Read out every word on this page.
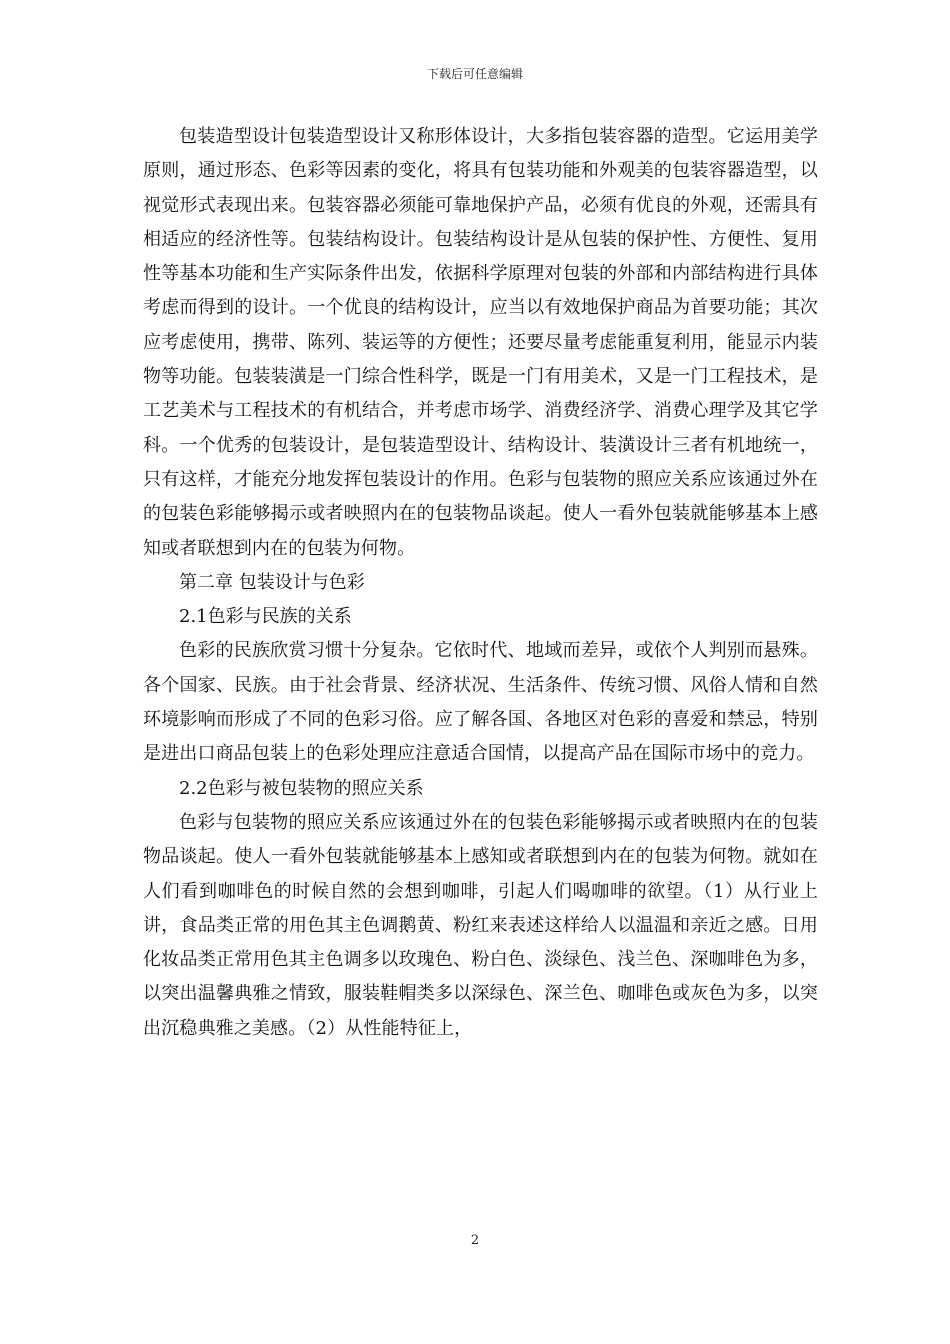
下载后可任意编辑

包装造型设计包装造型设计又称形体设计，大多指包装容器的造型。它运用美学原则，通过形态、色彩等因素的变化，将具有包装功能和外观美的包装容器造型，以视觉形式表现出来。包装容器必须能可靠地保护产品，必须有优良的外观，还需具有相适应的经济性等。包装结构设计。包装结构设计是从包装的保护性、方便性、复用性等基本功能和生产实际条件出发，依据科学原理对包装的外部和内部结构进行具体考虑而得到的设计。一个优良的结构设计，应当以有效地保护商品为首要功能；其次应考虑使用，携带、陈列、装运等的方便性；还要尽量考虑能重复利用，能显示内装物等功能。包装装潢是一门综合性科学，既是一门有用美术，又是一门工程技术，是工艺美术与工程技术的有机结合，并考虑市场学、消费经济学、消费心理学及其它学科。一个优秀的包装设计，是包装造型设计、结构设计、装潢设计三者有机地统一，只有这样，才能充分地发挥包装设计的作用。色彩与包装物的照应关系应该通过外在的包装色彩能够揭示或者映照内在的包装物品谈起。使人一看外包装就能够基本上感知或者联想到内在的包装为何物。

第二章 包装设计与色彩

2.1色彩与民族的关系

色彩的民族欣赏习惯十分复杂。它依时代、地域而差异，或依个人判别而悬殊。各个国家、民族。由于社会背景、经济状况、生活条件、传统习惯、风俗人情和自然环境影响而形成了不同的色彩习俗。应了解各国、各地区对色彩的喜爱和禁忌，特别是进出口商品包装上的色彩处理应注意适合国情，以提高产品在国际市场中的竞力。

2.2色彩与被包装物的照应关系

色彩与包装物的照应关系应该通过外在的包装色彩能够揭示或者映照内在的包装物品谈起。使人一看外包装就能够基本上感知或者联想到内在的包装为何物。就如在人们看到咖啡色的时候自然的会想到咖啡，引起人们喝咖啡的欲望。（1）从行业上讲，食品类正常的用色其主色调鹅黄、粉红来表述这样给人以温温和亲近之感。日用化妆品类正常用色其主色调多以玫瑰色、粉白色、淡绿色、浅兰色、深咖啡色为多，以突出温馨典雅之情致，服装鞋帽类多以深绿色、深兰色、咖啡色或灰色为多，以突出沉稳典雅之美感。（2）从性能特征上，

2
